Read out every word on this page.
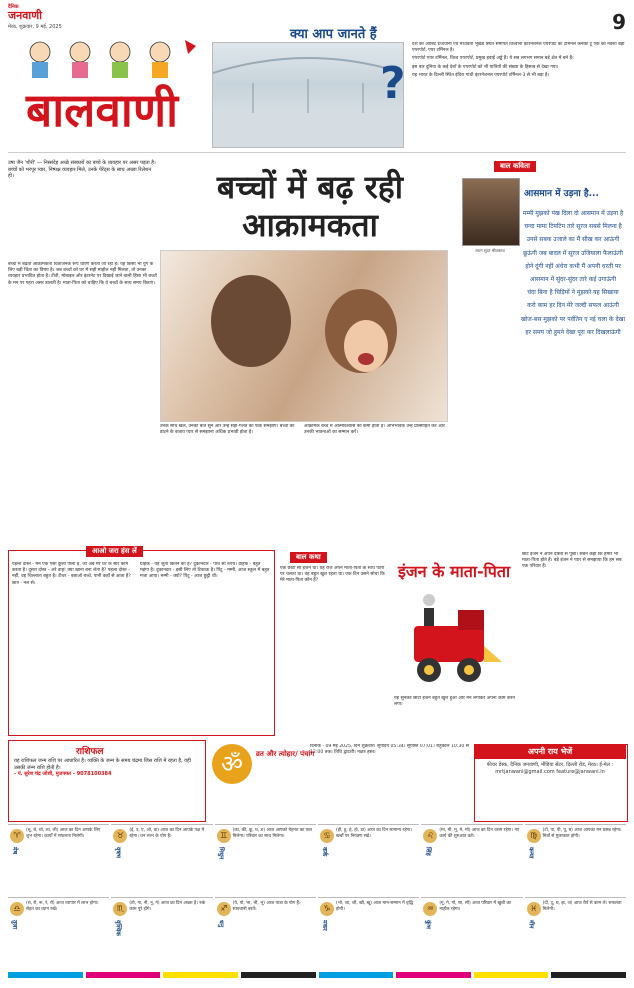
दैनिक
जनवाणी
मेरठ, शुक्रवार, 9 मई, 2025	9
बालवाणी
क्या आप जानते हैं
?
देश की ऑर्बिट राजधानी एवं मध्यवर्ती भूखंड स्थित समर्पित विश्वानी इंटरनेशनल एयरपोर्ट का टर्मिनल कनेक्ट टू एक का नक्शा बड़ा एयरपोर्ट, एयर टर्मिनल है।
एयरपोर्ट एयर टर्मिनल, विश्व एयरपोर्ट, प्रमुख हवाई अड्डे हैं। ये सब लगभग समान बड़े क्षेत्र में बने हैं।
इस बार दुनिया के कई देशों के एयरपोर्ट को भी यात्रियों की संख्या के हिसाब से देखा गया।
यह भारत के दिल्ली स्थित इंदिरा गांधी इंटरनेशनल एयरपोर्ट टर्मिनल-3 से भी बड़ा है।
उषा जैन 'शीरी' — निस्संदेह अच्छे संस्कारों का बच्चे के व्यवहार पर असर पड़ता है। बच्चों को भरपूर प्यार, निष्पक्ष व्यवहार मिले, उनके पेरेंट्स के साथ अच्छा रिलेशन हो।	बच्चों में बढ़ रही आक्रामकता
बच्चों में बढ़ती आक्रामकता चिंताजनक रूप धारण करती जा रही है। यह किसी भी युग के लिए बड़ी चिंता का विषय है। जब बच्चों को घर में सही माहौल नहीं मिलता, तो उनका व्यवहार प्रभावित होता है। टीवी, मोबाइल और इंटरनेट पर दिखाई जाने वाली हिंसा भी बच्चों के मन पर गहरा असर डालती है। माता-पिता को चाहिए कि वे बच्चों के साथ समय बिताएं।
उनके साथ खेलें, उनकी बातें सुनें और उन्हें सही-गलत का फर्क समझाएं। बच्चों को डांटने के बजाय प्यार से समझाना अधिक प्रभावी होता है।
आक्रामक बच्चे में आत्मविश्वास की कमी होती है। अभिभावक उन्हें प्रोत्साहित करें और उनकी भावनाओं का सम्मान करें।
बाल कविता
श्याम सुंदर श्रीवास्तव
आसमान में उड़ना है...
मम्मी मुझको पंख दिला दो आसमान में उड़ना है
चन्दा मामा टिमटिम तारे सूरज सबसे मिलना है
उनसे सबक उजाले का मैं सीख कर आऊंगी
छूऊंगी जब बादल में सूरज उजियाला फैलाऊंगी
होने दूंगी नहीं अंधेरा कभी मैं अपनी धरती पर
आसमान में सुंदर-सुंदर तारे कई उगाऊंगी
चंदा बिना है चिड़ियों ने मुझको यह सिखाया
करो काम हर दिन मेरे जल्दी सफल आऊंगी
खोज-बस मुझको पर पर्वतिन ए नई चला के देखा
हर समय जो हुमने देखा पूरा कर दिखलाऊंगी
आओ जरा हंस लें
पहला दोस्त - मैंने एक ऐसा कुत्ता पाला है, जो अब मेरे घर के सारे काम करता है। दूसरा दोस्त - अरे वाह! क्या खाना बना लेता है? पहला दोस्त - नहीं, वह चिल्लाता बहुत है। टीचर - बताओ बच्चे, पानी कहाँ से आता है? छात्र - नल से।
ग्राहक - यह जूता कितने का है? दुकानदार - पाँच सौ रुपये। ग्राहक - बहुत महंगा है। दुकानदार - इसी लिए तो टिकाऊ है। पिंटू - मम्मी, आज स्कूल में बहुत मजा आया। मम्मी - क्यों? पिंटू - आज छुट्टी थी।
बाल कथा
इंजन के माता-पिता
एक छोटा सा इंजन था। वह रोज अपने माता-पिता के साथ पटरी पर चलता था। वह बहुत खुश रहता था। एक दिन उसने सोचा कि मेरे माता-पिता कौन हैं?
छोटे इंजन ने अपने दोस्तों से पूछा। सबने कहा कि हमारे भी माता-पिता होते हैं। बड़े इंजन ने प्यार से समझाया कि हम सब एक परिवार हैं।
यह सुनकर छोटा इंजन बहुत खुश हुआ और मन लगाकर अपना काम करने लगा।
राशिफल
यह राशिफल जन्म राशि पर आधारित है। व्यक्ति के जन्म के समय चंद्रमा जिस राशि में रहता है, वही उसकी जन्म राशि होती है।
- पं. सुरेश चंद्र जोशी, मुजफ्फर - 9078100384	ॐ	व्रत और त्योहार/ पंचांग
दिनांक - 09 मई 2025, दिन शुक्रवार। सूर्योदय 05:34। सूर्यास्त 07:01। राहुकाल 10:30 से 12:00 तक। तिथि द्वादशी। नक्षत्र हस्त।	अपनी राय भेजें
फीचर डेस्क, दैनिक जनवाणी, मीडिया सेंटर, दिल्ली रोड, मेरठ। ई-मेल : mrtjanwani@gmail.com feature@janwani.in
♈
मेष
(चू, चे, चो, ला, ली) आज का दिन आपके लिए शुभ रहेगा। कार्यों में सफलता मिलेगी।	♉
वृषभ
(ई, उ, ए, ओ, वा) आज का दिन आपके पक्ष में रहेगा। धन लाभ के योग हैं।	♊
मिथुन
(का, की, कू, घ, ङ) आज आपको मेहनत का फल मिलेगा। परिवार का साथ मिलेगा।	♋
कर्क
(ही, हू, हे, हो, डा) आज का दिन सामान्य रहेगा। खर्चों पर नियंत्रण रखें।	♌
सिंह
(मा, मी, मू, मे, मो) आज का दिन उत्तम रहेगा। नए कार्य की शुरुआत करें।	♍
कन्या
(टो, पा, पी, पू, ष) आज आपका मन प्रसन्न रहेगा। मित्रों से मुलाकात होगी।
♎
तुला
(रा, री, रू, रे, रो) आज व्यापार में लाभ होगा। सेहत का ध्यान रखें।	♏
वृश्चिक
(तो, ना, नी, नू, ने) आज का दिन अच्छा है। रुके काम पूरे होंगे।	♐
धनु
(ये, यो, भा, भी, भू) आज यात्रा के योग हैं। सावधानी बरतें।	♑
मकर
(भो, जा, जी, खी, खू) आज मान-सम्मान में वृद्धि होगी।	♒
कुंभ
(गू, गे, गो, सा, सी) आज परिवार में खुशी का माहौल रहेगा।	♓
मीन
(दी, दू, थ, झ, ञ) आज धैर्य से काम लें। सफलता मिलेगी।
